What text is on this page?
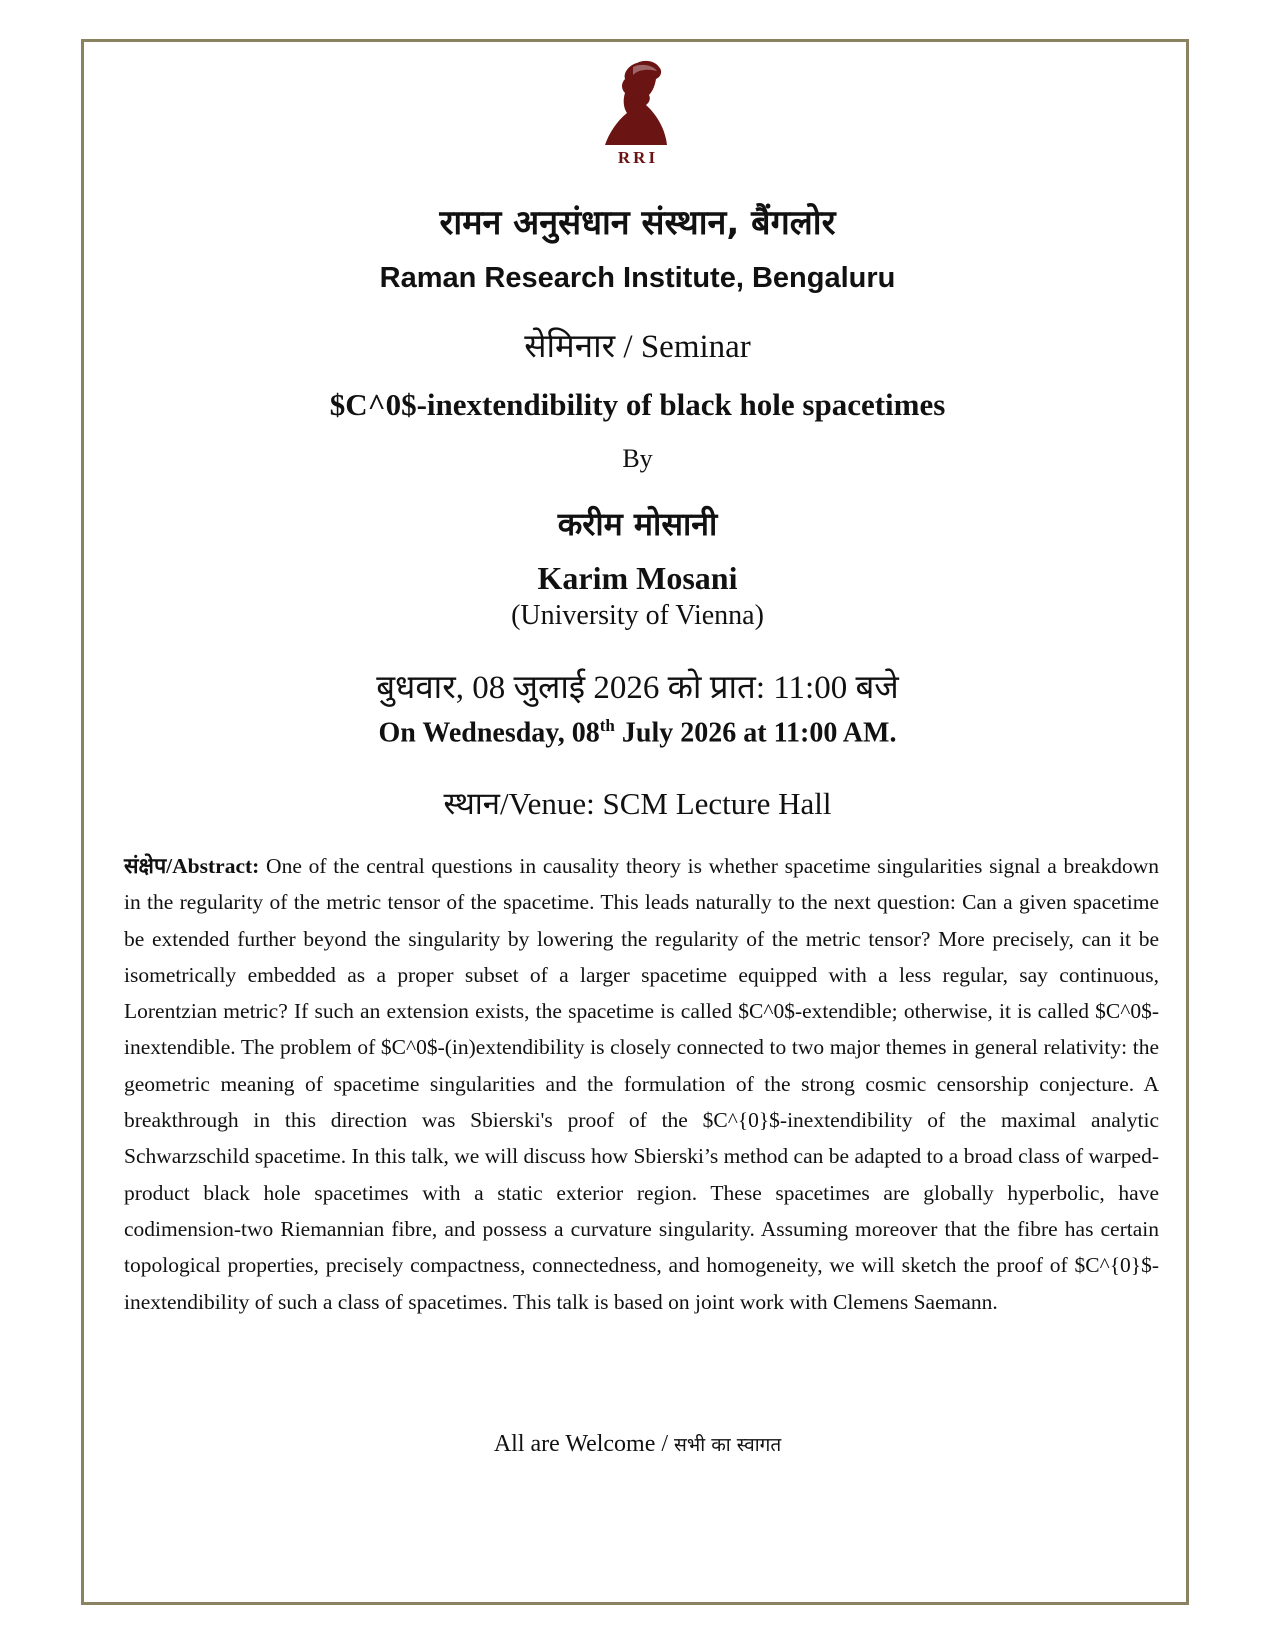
RRI
रामन अनुसंधान संस्थान, बैंगलोर
Raman Research Institute, Bengaluru
सेमिनार / Seminar
$C^0$-inextendibility of black hole spacetimes
By
करीम मोसानी
Karim Mosani
(University of Vienna)
बुधवार, 08 जुलाई 2026 को प्रात: 11:00 बजे
On Wednesday, 08th July 2026 at 11:00 AM.
स्थान/Venue: SCM Lecture Hall
संक्षेप/Abstract: One of the central questions in causality theory is whether spacetime singularities signal a breakdown in the regularity of the metric tensor of the spacetime. This leads naturally to the next question: Can a given spacetime be extended further beyond the singularity by lowering the regularity of the metric tensor? More precisely, can it be isometrically embedded as a proper subset of a larger spacetime equipped with a less regular, say continuous, Lorentzian metric? If such an extension exists, the spacetime is called $C^0$-extendible; otherwise, it is called $C^0$-inextendible. The problem of $C^0$-(in)extendibility is closely connected to two major themes in general relativity: the geometric meaning of spacetime singularities and the formulation of the strong cosmic censorship conjecture. A breakthrough in this direction was Sbierski's proof of the $C^{0}$-inextendibility of the maximal analytic Schwarzschild spacetime. In this talk, we will discuss how Sbierski’s method can be adapted to a broad class of warped-product black hole spacetimes with a static exterior region. These spacetimes are globally hyperbolic, have codimension-two Riemannian fibre, and possess a curvature singularity. Assuming moreover that the fibre has certain topological properties, precisely compactness, connectedness, and homogeneity, we will sketch the proof of $C^{0}$-inextendibility of such a class of spacetimes. This talk is based on joint work with Clemens Saemann.
All are Welcome / सभी का स्वागत
